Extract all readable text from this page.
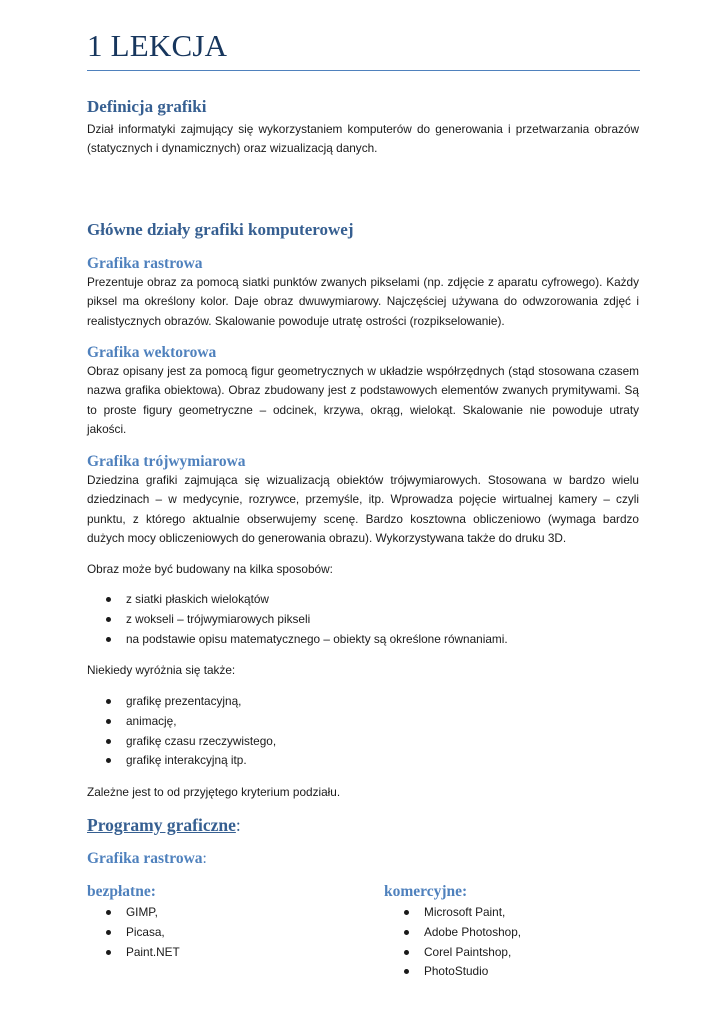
1 LEKCJA
Definicja grafiki
Dział informatyki zajmujący się wykorzystaniem komputerów do generowania i przetwarzania obrazów (statycznych i dynamicznych) oraz wizualizacją danych.
Główne działy grafiki komputerowej
Grafika rastrowa
Prezentuje obraz za pomocą siatki punktów zwanych pikselami (np. zdjęcie z aparatu cyfrowego). Każdy piksel ma określony kolor. Daje obraz dwuwymiarowy. Najczęściej używana do odwzorowania zdjęć i realistycznych obrazów. Skalowanie powoduje utratę ostrości (rozpikselowanie).
Grafika wektorowa
Obraz opisany jest za pomocą figur geometrycznych w układzie współrzędnych (stąd stosowana czasem nazwa grafika obiektowa). Obraz zbudowany jest z podstawowych elementów zwanych prymitywami. Są to proste figury geometryczne – odcinek, krzywa, okrąg, wielokąt. Skalowanie nie powoduje utraty jakości.
Grafika trójwymiarowa
Dziedzina grafiki zajmująca się wizualizacją obiektów trójwymiarowych. Stosowana w bardzo wielu dziedzinach – w medycynie, rozrywce, przemyśle, itp. Wprowadza pojęcie wirtualnej kamery – czyli punktu, z którego aktualnie obserwujemy scenę. Bardzo kosztowna obliczeniowo (wymaga bardzo dużych mocy obliczeniowych do generowania obrazu). Wykorzystywana także do druku 3D.
Obraz może być budowany na kilka sposobów:
z siatki płaskich wielokątów
z wokseli – trójwymiarowych pikseli
na podstawie opisu matematycznego – obiekty są określone równaniami.
Niekiedy wyróżnia się także:
grafikę prezentacyjną,
animację,
grafikę czasu rzeczywistego,
grafikę interakcyjną itp.
Zależne jest to od przyjętego kryterium podziału.
Programy graficzne:
Grafika rastrowa:
bezpłatne:
GIMP,
Picasa,
Paint.NET
komercyjne:
Microsoft Paint,
Adobe Photoshop,
Corel Paintshop,
PhotoStudio
